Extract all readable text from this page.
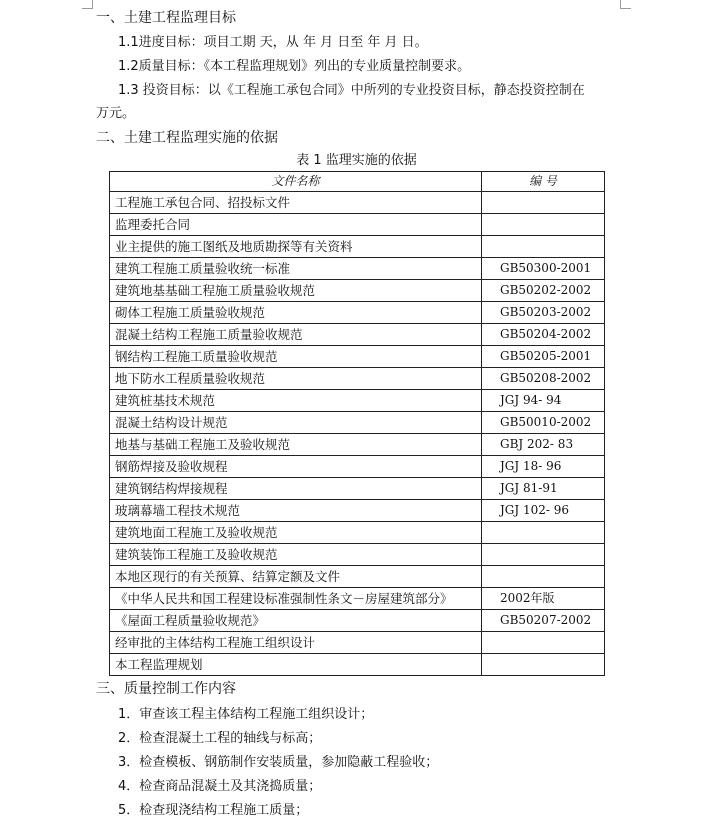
一、土建工程监理目标
1.1进度目标：项目工期 天，从 年 月 日至 年 月 日。
1.2质量目标：《本工程监理规划》列出的专业质量控制要求。
1.3 投资目标：以《工程施工承包合同》中所列的专业投资目标，静态投资控制在
万元。
二、土建工程监理实施的依据
表 1 监理实施的依据
文件名称	编 号
工程施工承包合同、招投标文件	
监理委托合同	
业主提供的施工图纸及地质勘探等有关资料	
建筑工程施工质量验收统一标准	GB50300-2001
建筑地基基础工程施工质量验收规范	GB50202-2002
砌体工程施工质量验收规范	GB50203-2002
混凝土结构工程施工质量验收规范	GB50204-2002
钢结构工程施工质量验收规范	GB50205-2001
地下防水工程质量验收规范	GB50208-2002
建筑桩基技术规范	JGJ 94- 94
混凝土结构设计规范	GB50010-2002
地基与基础工程施工及验收规范	GBJ 202- 83
钢筋焊接及验收规程	JGJ 18- 96
建筑钢结构焊接规程	JGJ 81-91
玻璃幕墙工程技术规范	JGJ 102- 96
建筑地面工程施工及验收规范	
建筑装饰工程施工及验收规范	
本地区现行的有关预算、结算定额及文件	
《中华人民共和国工程建设标准强制性条文－房屋建筑部分》	2002年版
《屋面工程质量验收规范》	GB50207-2002
经审批的主体结构工程施工组织设计	
本工程监理规划	
三、质量控制工作内容
1．审查该工程主体结构工程施工组织设计；
2．检查混凝土工程的轴线与标高；
3．检查模板、钢筋制作安装质量，参加隐蔽工程验收；
4．检查商品混凝土及其浇捣质量；
5．检查现浇结构工程施工质量；
